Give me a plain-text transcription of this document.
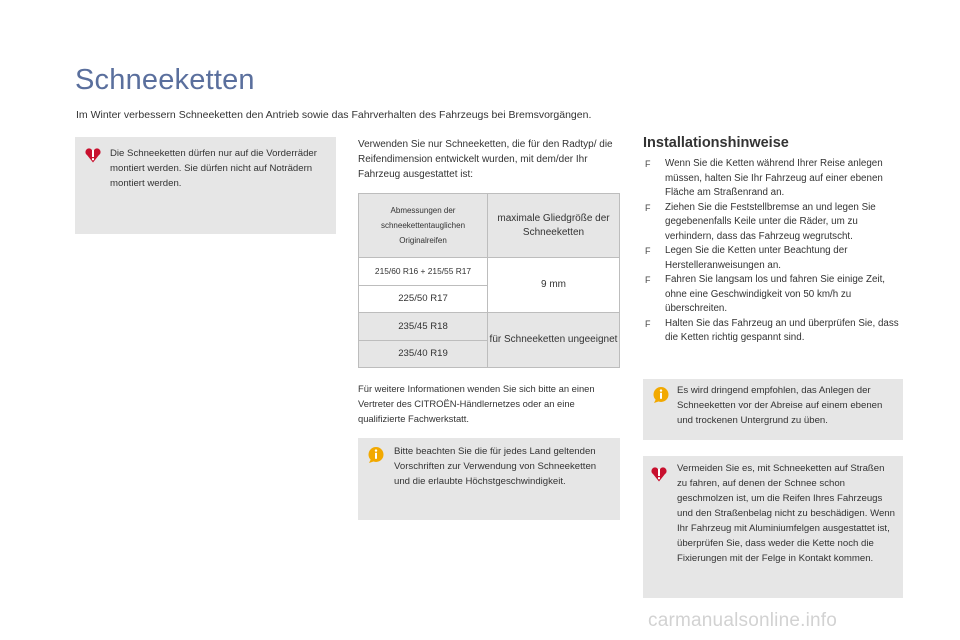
Schneeketten
Im Winter verbessern Schneeketten den Antrieb sowie das Fahrverhalten des Fahrzeugs bei Bremsvorgängen.

Die Schneeketten dürfen nur auf die Vorderräder montiert werden. Sie dürfen nicht auf Noträdern montiert werden.

Verwenden Sie nur Schneeketten, die für den Radtyp/ die Reifendimension entwickelt wurden, mit dem/der Ihr Fahrzeug ausgestattet ist:
Abmessungen der schneekettentauglichen Originalreifen	maximale Gliedgröße der Schneeketten
215/60 R16 + 215/55 R17	9 mm
225/50 R17	
235/45 R18	für Schneeketten ungeeignet
235/40 R19	
Für weitere Informationen wenden Sie sich bitte an einen Vertreter des CITROËN-Händlernetzes oder an eine qualifizierte Fachwerkstatt.

Bitte beachten Sie die für jedes Land geltenden Vorschriften zur Verwendung von Schneeketten und die erlaubte Höchstgeschwindigkeit.

Installationshinweise
F Wenn Sie die Ketten während Ihrer Reise anlegen müssen, halten Sie Ihr Fahrzeug auf einer ebenen Fläche am Straßenrand an.
F Ziehen Sie die Feststellbremse an und legen Sie gegebenenfalls Keile unter die Räder, um zu verhindern, dass das Fahrzeug wegrutscht.
F Legen Sie die Ketten unter Beachtung der Herstelleranweisungen an.
F Fahren Sie langsam los und fahren Sie einige Zeit, ohne eine Geschwindigkeit von 50 km/h zu überschreiten.
F Halten Sie das Fahrzeug an und überprüfen Sie, dass die Ketten richtig gespannt sind.

Es wird dringend empfohlen, das Anlegen der Schneeketten vor der Abreise auf einem ebenen und trockenen Untergrund zu üben.

Vermeiden Sie es, mit Schneeketten auf Straßen zu fahren, auf denen der Schnee schon geschmolzen ist, um die Reifen Ihres Fahrzeugs und den Straßenbelag nicht zu beschädigen. Wenn Ihr Fahrzeug mit Aluminiumfelgen ausgestattet ist, überprüfen Sie, dass weder die Kette noch die Fixierungen mit der Felge in Kontakt kommen.

carmanualsonline.info
